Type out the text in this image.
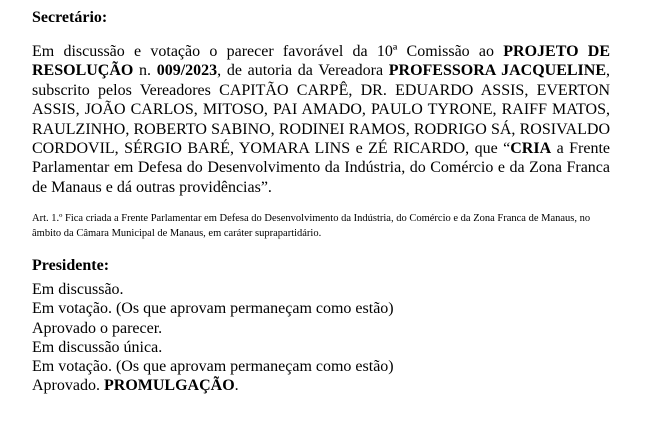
Secretário:

Em discussão e votação o parecer favorável da 10ª Comissão ao PROJETO DE RESOLUÇÃO n. 009/2023, de autoria da Vereadora PROFESSORA JACQUELINE, subscrito pelos Vereadores CAPITÃO CARPÊ, DR. EDUARDO ASSIS, EVERTON ASSIS, JOÃO CARLOS, MITOSO, PAI AMADO, PAULO TYRONE, RAIFF MATOS, RAULZINHO, ROBERTO SABINO, RODINEI RAMOS, RODRIGO SÁ, ROSIVALDO CORDOVIL, SÉRGIO BARÉ, YOMARA LINS e ZÉ RICARDO, que “CRIA a Frente Parlamentar em Defesa do Desenvolvimento da Indústria, do Comércio e da Zona Franca de Manaus e dá outras providências”.

Art. 1.º Fica criada a Frente Parlamentar em Defesa do Desenvolvimento da Indústria, do Comércio e da Zona Franca de Manaus, no âmbito da Câmara Municipal de Manaus, em caráter suprapartidário.

Presidente:

Em discussão.

Em votação. (Os que aprovam permaneçam como estão)

Aprovado o parecer.

Em discussão única.

Em votação. (Os que aprovam permaneçam como estão)

Aprovado. PROMULGAÇÃO.
